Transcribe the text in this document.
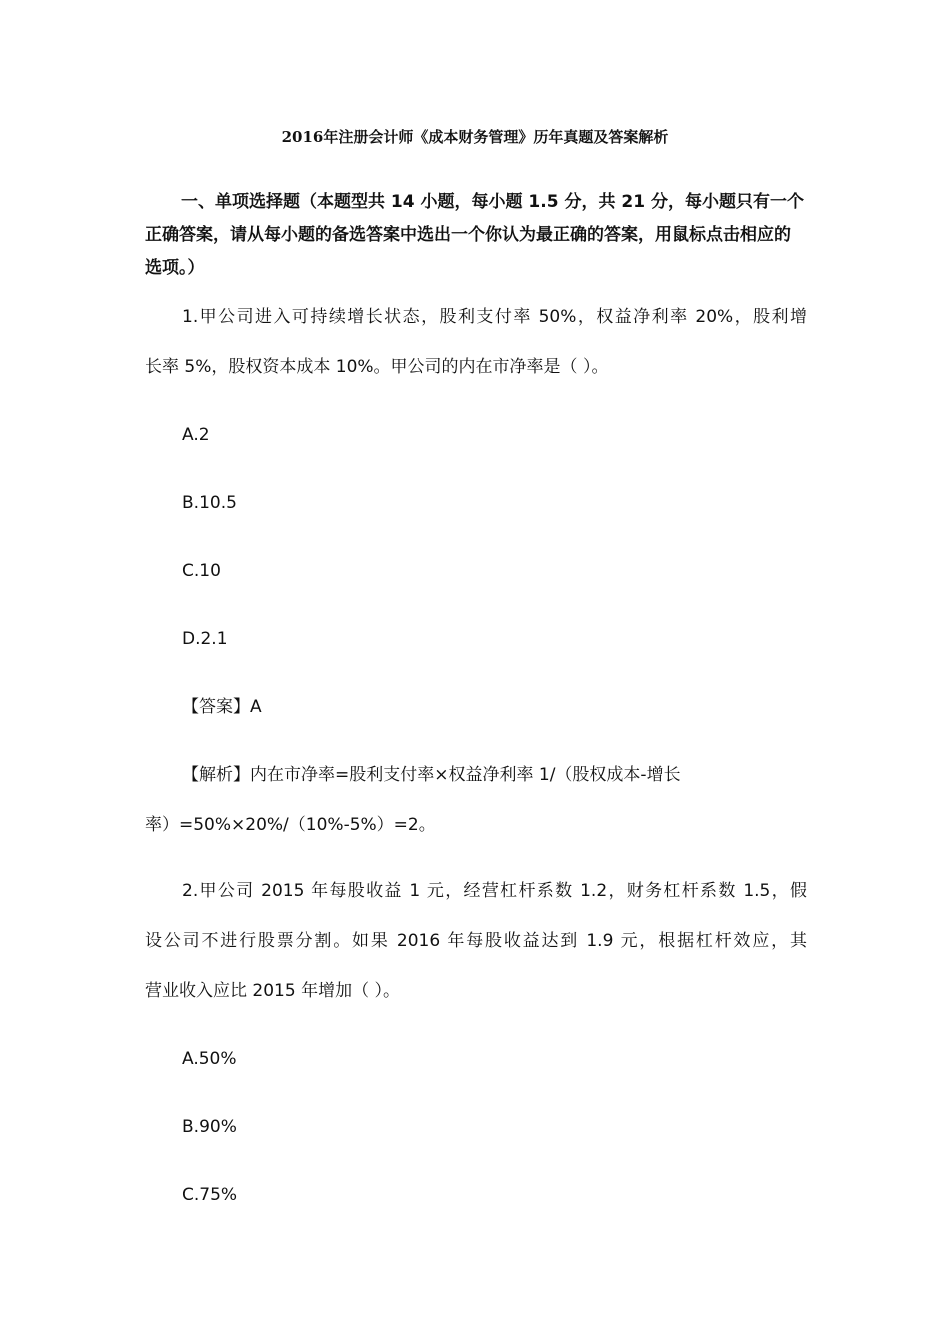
2016年注册会计师《成本财务管理》历年真题及答案解析
一、单项选择题（本题型共 14 小题，每小题 1.5 分，共 21 分，每小题只有一个正确答案，请从每小题的备选答案中选出一个你认为最正确的答案，用鼠标点击相应的选项。）
1.甲公司进入可持续增长状态，股利支付率 50%，权益净利率 20%，股利增
长率 5%，股权资本成本 10%。甲公司的内在市净率是（ ）。
A.2
B.10.5
C.10
D.2.1
【答案】A
【解析】内在市净率=股利支付率×权益净利率 1/（股权成本-增长
率）=50%×20%/（10%-5%）=2。
2.甲公司 2015 年每股收益 1 元，经营杠杆系数 1.2，财务杠杆系数 1.5，假
设公司不进行股票分割。如果 2016 年每股收益达到 1.9 元，根据杠杆效应，其
营业收入应比 2015 年增加（ ）。
A.50%
B.90%
C.75%
